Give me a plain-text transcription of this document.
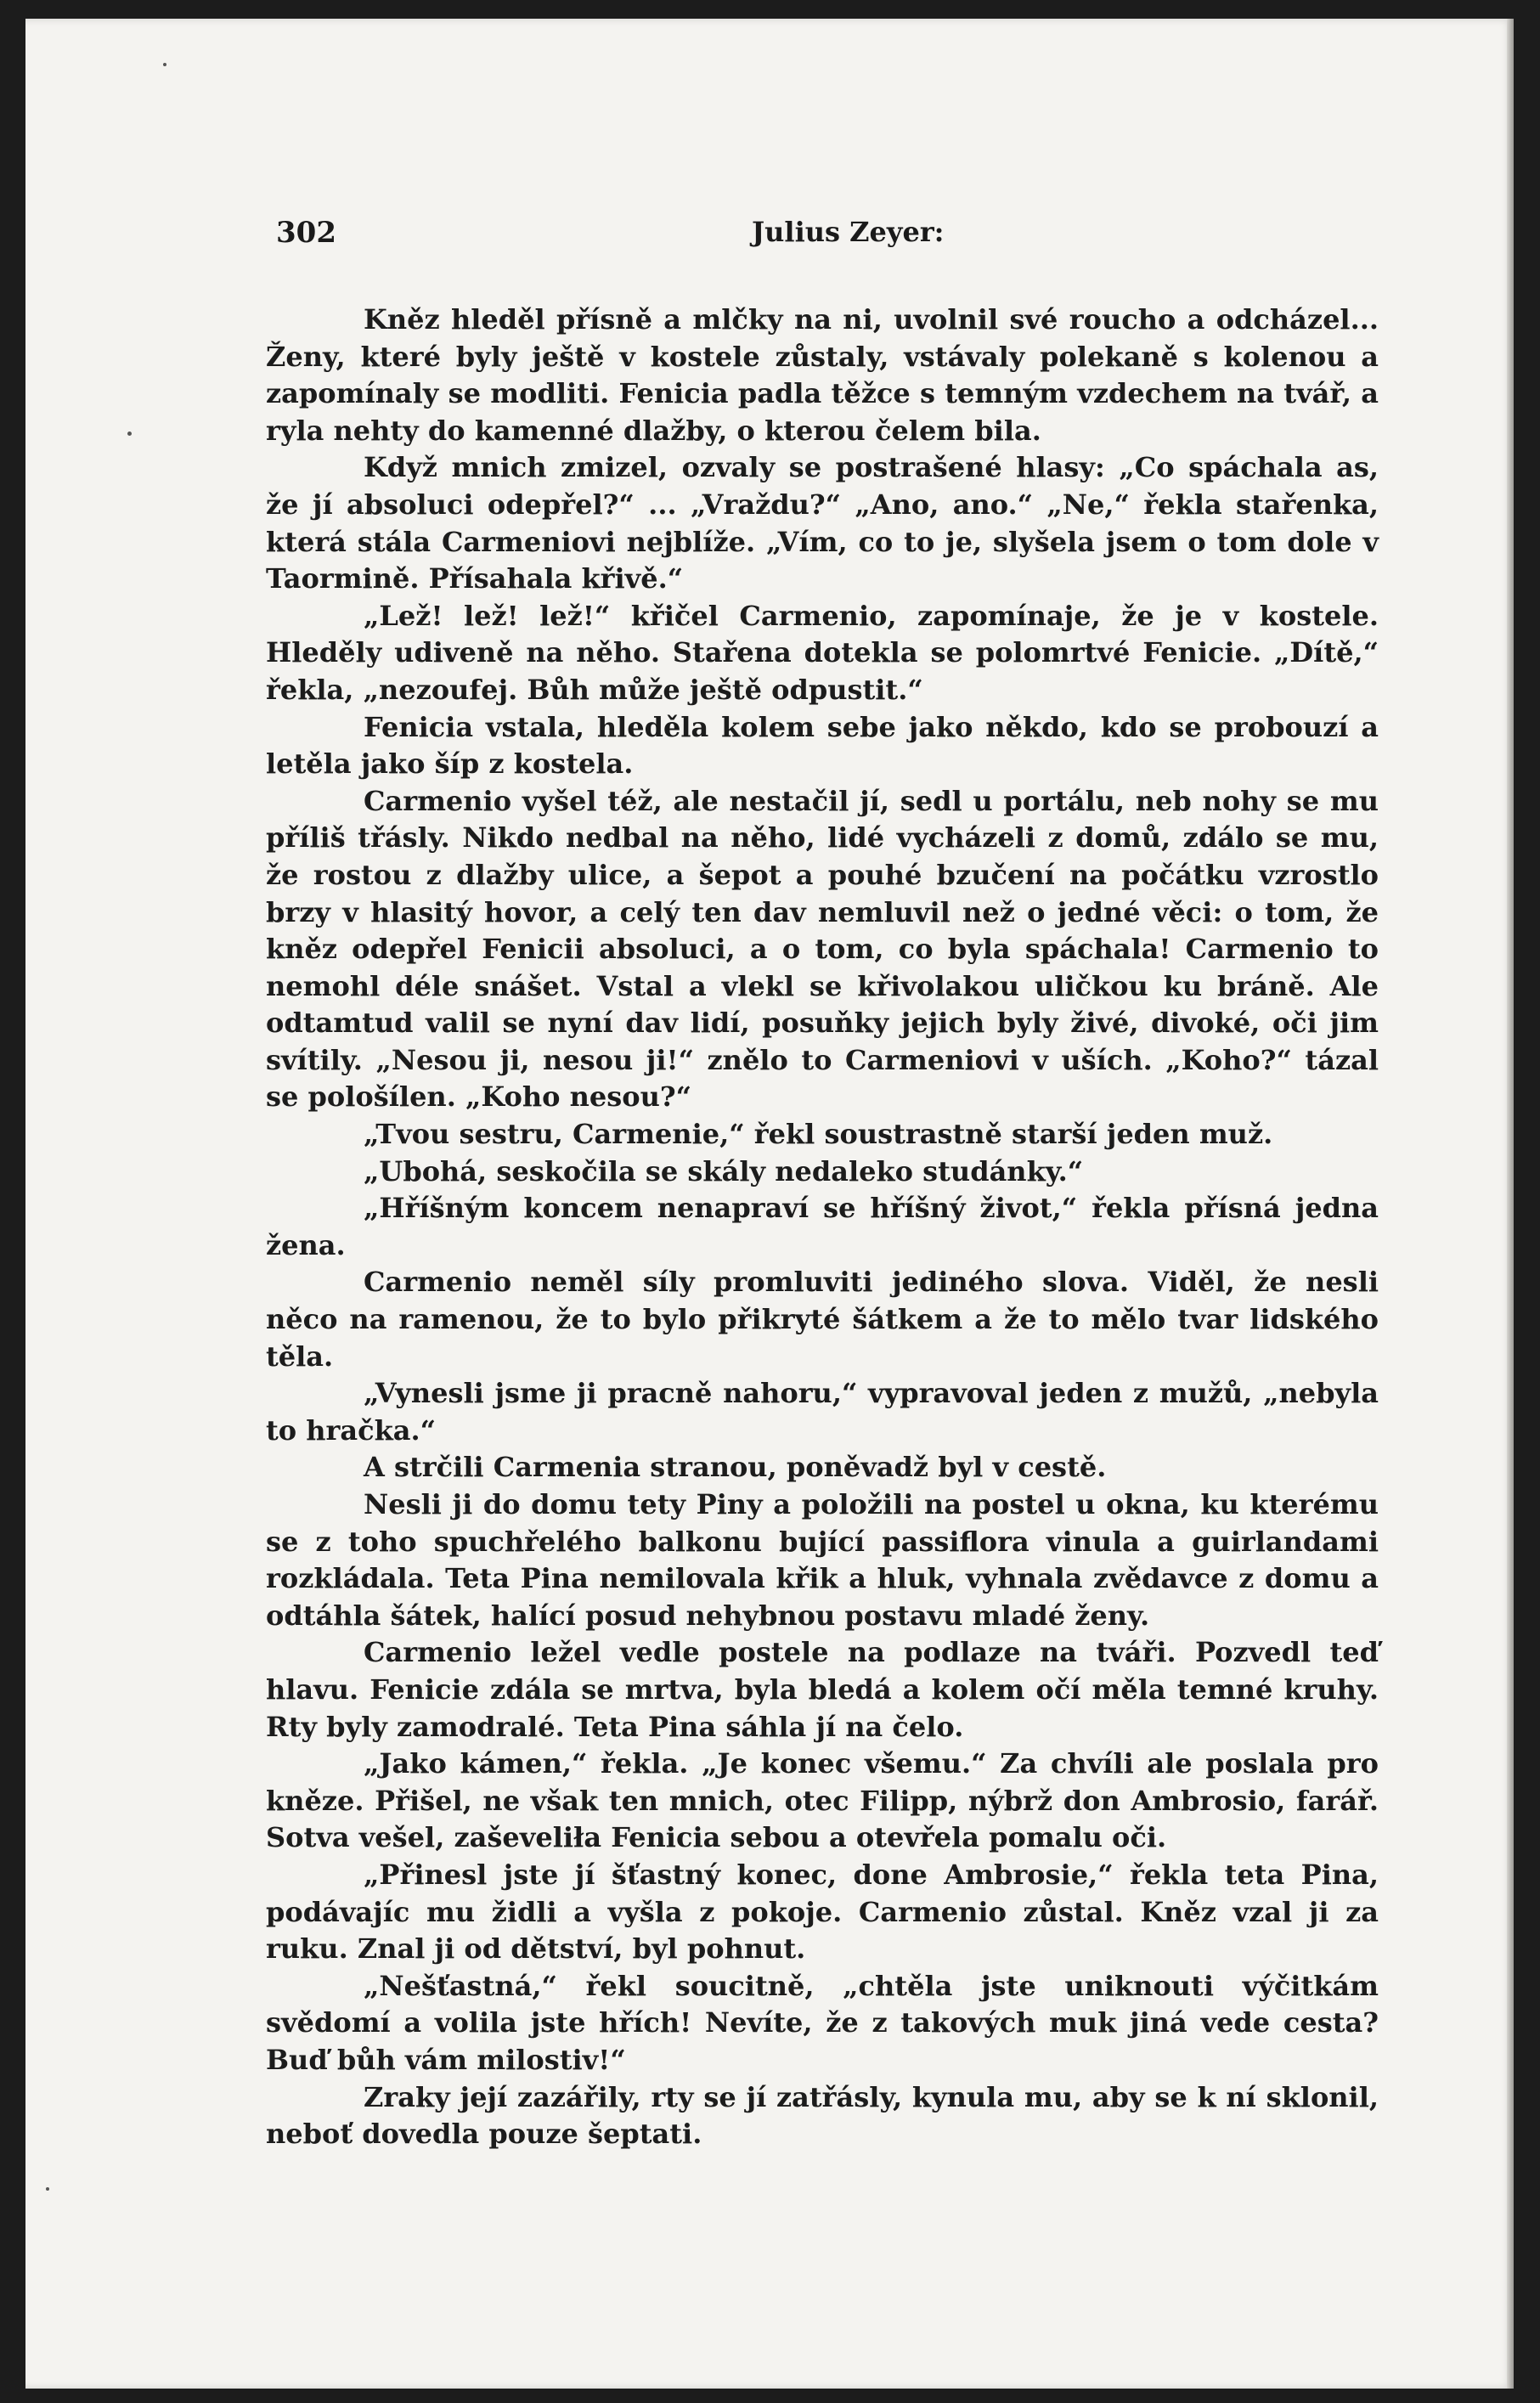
302	Julius Zeyer:

Kněz hleděl přísně a mlčky na ni, uvolnil své roucho a odcházel... Ženy, které byly ještě v kostele zůstaly, vstávaly polekaně s kolenou a zapomínaly se modliti. Fenicia padla těžce s temným vzdechem na tvář, a ryla nehty do kamenné dlažby, o kterou čelem bila.

Když mnich zmizel, ozvaly se postrašené hlasy: „Co spáchala as, že jí absoluci odepřel?“ ... „Vraždu?“ „Ano, ano.“ „Ne,“ řekla stařenka, která stála Carmeniovi nejblíže. „Vím, co to je, slyšela jsem o tom dole v Taormině. Přísahala křivě.“

„Lež! lež! lež!“ křičel Carmenio, zapomínaje, že je v kostele. Hleděly udiveně na něho. Stařena dotekla se polomrtvé Fenicie. „Dítě,“ řekla, „nezoufej. Bůh může ještě odpustit.“

Fenicia vstala, hleděla kolem sebe jako někdo, kdo se probouzí a letěla jako šíp z kostela.

Carmenio vyšel též, ale nestačil jí, sedl u portálu, neb nohy se mu příliš třásly. Nikdo nedbal na něho, lidé vycházeli z domů, zdálo se mu, že rostou z dlažby ulice, a šepot a pouhé bzučení na počátku vzrostlo brzy v hlasitý hovor, a celý ten dav nemluvil než o jedné věci: o tom, že kněz odepřel Fenicii absoluci, a o tom, co byla spáchala! Carmenio to nemohl déle snášet. Vstal a vlekl se křivolakou uličkou ku bráně. Ale odtamtud valil se nyní dav lidí, posuňky jejich byly živé, divoké, oči jim svítily. „Nesou ji, nesou ji!“ znělo to Carmeniovi v uších. „Koho?“ tázal se pološílen. „Koho nesou?“

„Tvou sestru, Carmenie,“ řekl soustrastně starší jeden muž.

„Ubohá, seskočila se skály nedaleko studánky.“

„Hříšným koncem nenapraví se hříšný život,“ řekla přísná jedna žena.

Carmenio neměl síly promluviti jediného slova. Viděl, že nesli něco na ramenou, že to bylo přikryté šátkem a že to mělo tvar lidského těla.

„Vynesli jsme ji pracně nahoru,“ vypravoval jeden z mužů, „nebyla to hračka.“

A strčili Carmenia stranou, poněvadž byl v cestě.

Nesli ji do domu tety Piny a položili na postel u okna, ku kterému se z toho spuchřelého balkonu bující passiflora vinula a guirlandami rozkládala. Teta Pina nemilovala křik a hluk, vyhnala zvědavce z domu a odtáhla šátek, halící posud nehybnou postavu mladé ženy.

Carmenio ležel vedle postele na podlaze na tváři. Pozvedl teď hlavu. Fenicie zdála se mrtva, byla bledá a kolem očí měla temné kruhy. Rty byly zamodralé. Teta Pina sáhla jí na čelo.

„Jako kámen,“ řekla. „Je konec všemu.“ Za chvíli ale poslala pro kněze. Přišel, ne však ten mnich, otec Filipp, nýbrž don Ambrosio, farář. Sotva vešel, zaševeliła Fenicia sebou a otevřela pomalu oči.

„Přinesl jste jí šťastný konec, done Ambrosie,“ řekla teta Pina, podávajíc mu židli a vyšla z pokoje. Carmenio zůstal. Kněz vzal ji za ruku. Znal ji od dětství, byl pohnut.

„Nešťastná,“ řekl soucitně, „chtěla jste uniknouti výčitkám svědomí a volila jste hřích! Nevíte, že z takových muk jiná vede cesta? Buď bůh vám milostiv!“

Zraky její zazářily, rty se jí zatřásly, kynula mu, aby se k ní sklonil, neboť dovedla pouze šeptati.
